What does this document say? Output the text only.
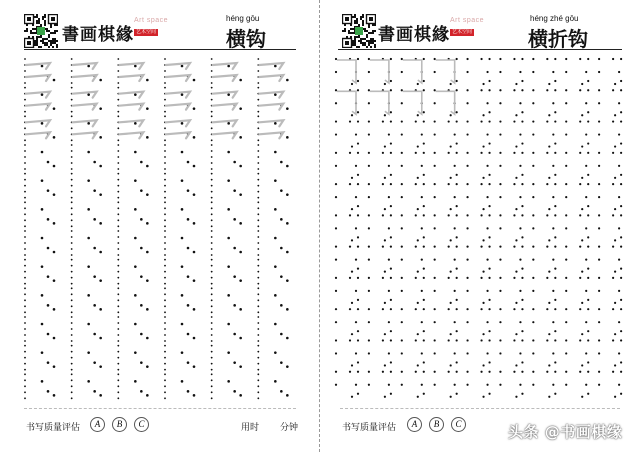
書画棋緣
Art space
艺术空间
héng gōu
横钩
书写质量评估	A	B	C	用时 分钟
書画棋緣
Art space
艺术空间
héng zhé gōu
横折钩
书写质量评估	A	B	C	头条 @书画棋缘
